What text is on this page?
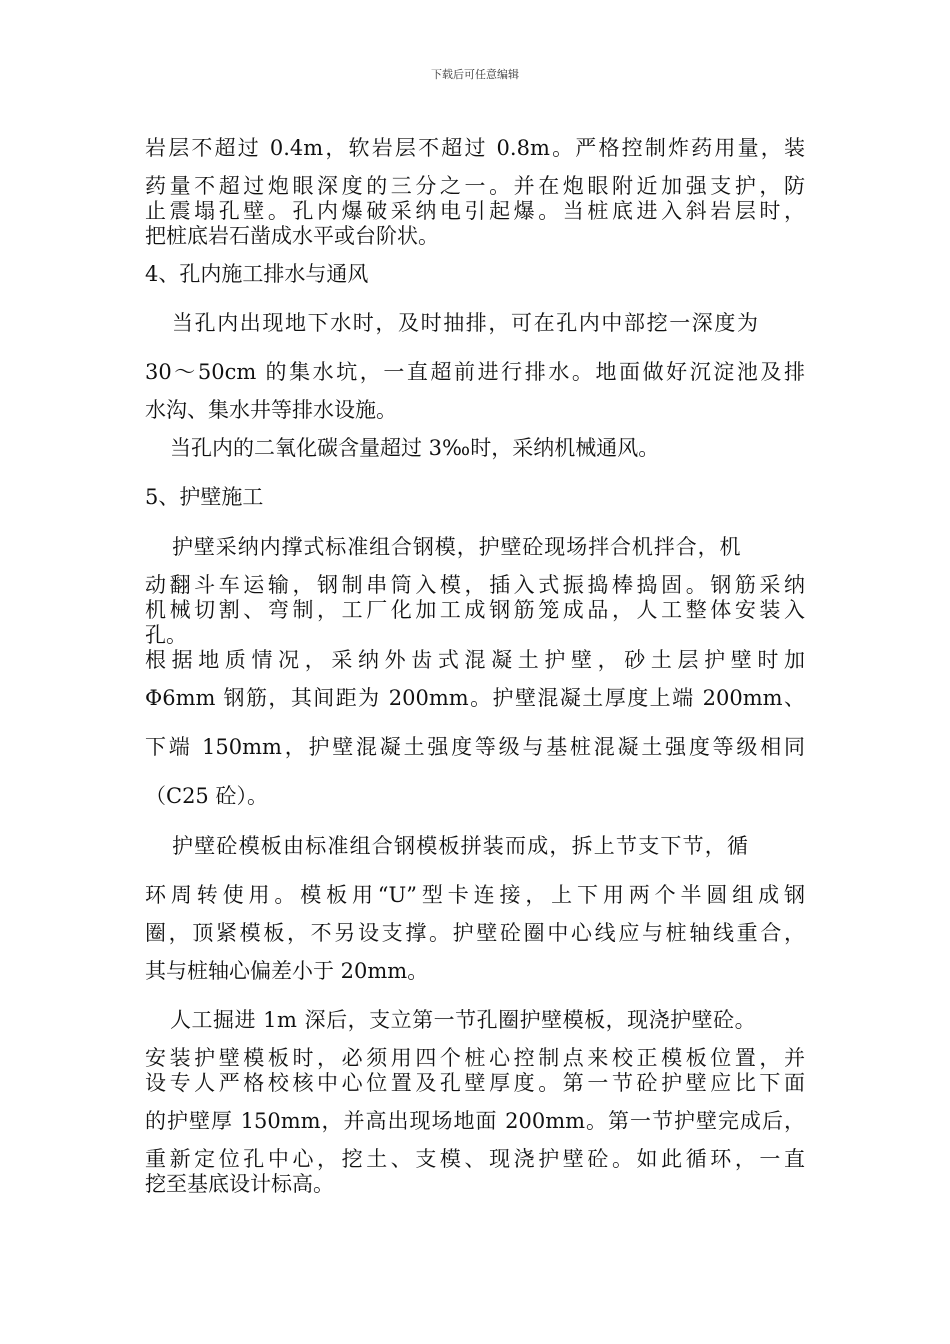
下载后可任意编辑
岩层不超过 0.4m，软岩层不超过 0.8m。严格控制炸药用量，装
药量不超过炮眼深度的三分之一。并在炮眼附近加强支护，防
止震塌孔壁。孔内爆破采纳电引起爆。当桩底进入斜岩层时，
把桩底岩石凿成水平或台阶状。
4、孔内施工排水与通风
当孔内出现地下水时，及时抽排，可在孔内中部挖一深度为
30～50cm 的集水坑，一直超前进行排水。地面做好沉淀池及排
水沟、集水井等排水设施。
当孔内的二氧化碳含量超过 3‰时，采纳机械通风。
5、护壁施工
护壁采纳内撑式标准组合钢模，护壁砼现场拌合机拌合，机
动翻斗车运输，钢制串筒入模，插入式振捣棒捣固。钢筋采纳
机械切割、弯制，工厂化加工成钢筋笼成品，人工整体安装入
孔。
根据地质情况，采纳外齿式混凝土护壁，砂土层护壁时加
Φ6mm 钢筋，其间距为 200mm。护壁混凝土厚度上端 200mm、
下端 150mm，护壁混凝土强度等级与基桩混凝土强度等级相同
（C25 砼）。
护壁砼模板由标准组合钢模板拼装而成，拆上节支下节，循
环周转使用。模板用“U”型卡连接，上下用两个半圆组成钢
圈，顶紧模板，不另设支撑。护壁砼圈中心线应与桩轴线重合，
其与桩轴心偏差小于 20mm。
人工掘进 1m 深后，支立第一节孔圈护壁模板，现浇护壁砼。
安装护壁模板时，必须用四个桩心控制点来校正模板位置，并
设专人严格校核中心位置及孔壁厚度。第一节砼护壁应比下面
的护壁厚 150mm，并高出现场地面 200mm。第一节护壁完成后，
重新定位孔中心，挖土、支模、现浇护壁砼。如此循环，一直
挖至基底设计标高。
